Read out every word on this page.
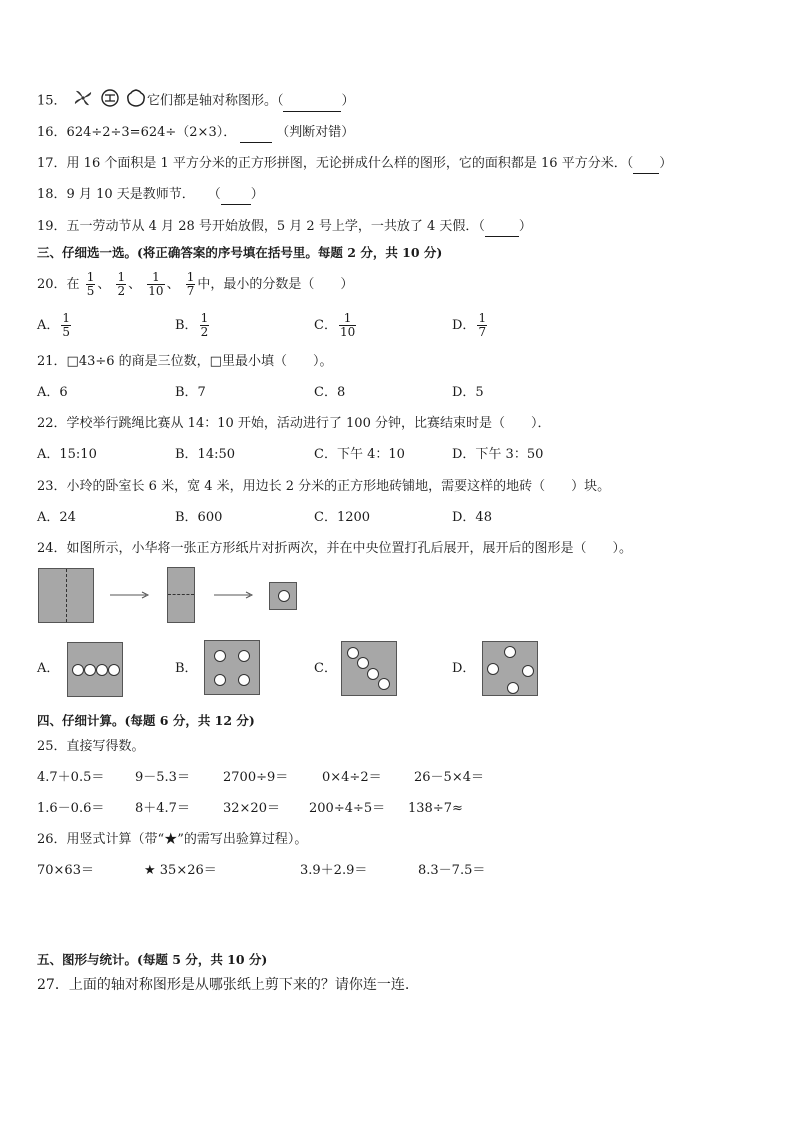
15．	它们都是轴对称图形。（	）
16．624÷2÷3=624÷（2×3）．	（判断对错）
17．用 16 个面积是 1 平方分米的正方形拼图，无论拼成什么样的图形，它的面积都是 16 平方分米．（ ）
18．9 月 10 天是教师节．　　（ ）
19．五一劳动节从 4 月 28 号开始放假，5 月 2 号上学，一共放了 4 天假．（	）
三、仔细选一选。(将正确答案的序号填在括号里。每题 2 分，共 10 分)
20．在 $\frac{1}{5}$ 、 $\frac{1}{2}$ 、 $\frac{1}{10}$ 、 $\frac{1}{7}$ 中，最小的分数是（　　）
A． $\frac{1}{5}$	B． $\frac{1}{2}$	C． $\frac{1}{10}$	D． $\frac{1}{7}$
21．□43÷6 的商是三位数，□里最小填（　　）。
A．6	B．7	C．8	D．5
22．学校举行跳绳比赛从 14：10 开始，活动进行了 100 分钟，比赛结束时是（　　）．
A．15:10	B．14:50	C．下午 4：10	D．下午 3：50
23．小玲的卧室长 6 米，宽 4 米，用边长 2 分米的正方形地砖铺地，需要这样的地砖（　　）块。
A．24	B．600	C．1200	D．48
24．如图所示，小华将一张正方形纸片对折两次，并在中央位置打孔后展开，展开后的图形是（　　）。
A．	B．	C．	D．
四、仔细计算。(每题 6 分，共 12 分)
25．直接写得数。
4.7＋0.5＝ 9－5.3＝	2700÷9＝	0×4÷2＝ 26－5×4＝
1.6－0.6＝ 8＋4.7＝	32×20＝ 200÷4÷5＝ 138÷7≈
26．用竖式计算（带“★”的需写出验算过程）。
70×63＝	★ 35×26＝	3.9＋2.9＝	8.3－7.5＝
五、图形与统计。(每题 5 分，共 10 分)
27．上面的轴对称图形是从哪张纸上剪下来的？请你连一连.
